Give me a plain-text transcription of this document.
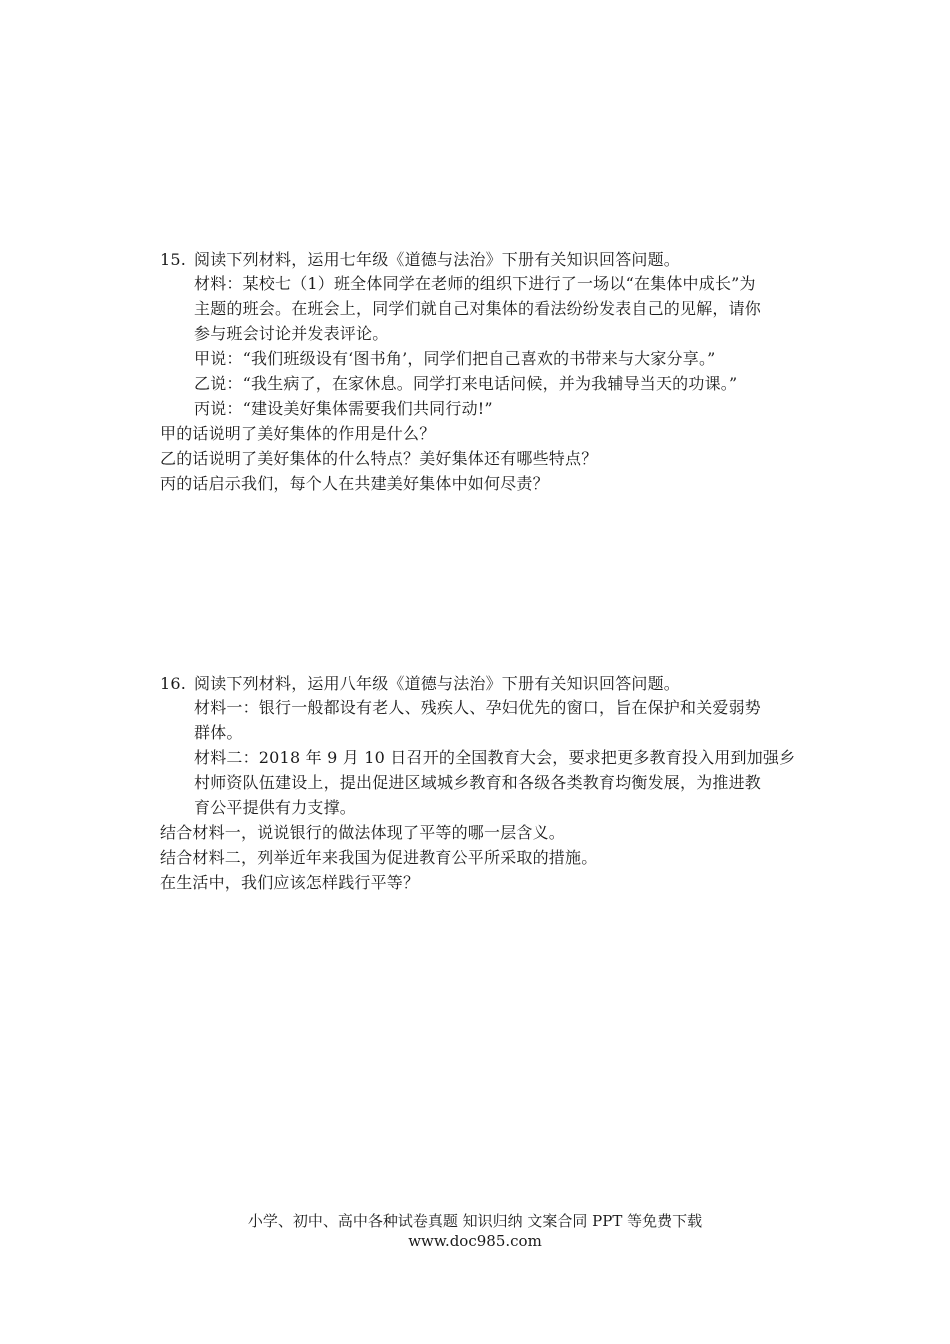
15. 阅读下列材料，运用七年级《道德与法治》下册有关知识回答问题。
材料：某校七（1）班全体同学在老师的组织下进行了一场以“在集体中成长”为
主题的班会。在班会上，同学们就自己对集体的看法纷纷发表自己的见解，请你
参与班会讨论并发表评论。
甲说：“我们班级设有‘图书角’，同学们把自己喜欢的书带来与大家分享。”
乙说：“我生病了，在家休息。同学打来电话问候，并为我辅导当天的功课。”
丙说：“建设美好集体需要我们共同行动!”
甲的话说明了美好集体的作用是什么？
乙的话说明了美好集体的什么特点？美好集体还有哪些特点？
丙的话启示我们，每个人在共建美好集体中如何尽责？
16. 阅读下列材料，运用八年级《道德与法治》下册有关知识回答问题。
材料一：银行一般都设有老人、残疾人、孕妇优先的窗口，旨在保护和关爱弱势
群体。
材料二：2018 年 9 月 10 日召开的全国教育大会，要求把更多教育投入用到加强乡
村师资队伍建设上，提出促进区域城乡教育和各级各类教育均衡发展，为推进教
育公平提供有力支撑。
结合材料一，说说银行的做法体现了平等的哪一层含义。
结合材料二，列举近年来我国为促进教育公平所采取的措施。
在生活中，我们应该怎样践行平等？
小学、初中、高中各种试卷真题 知识归纳 文案合同 PPT 等免费下载
www.doc985.com
